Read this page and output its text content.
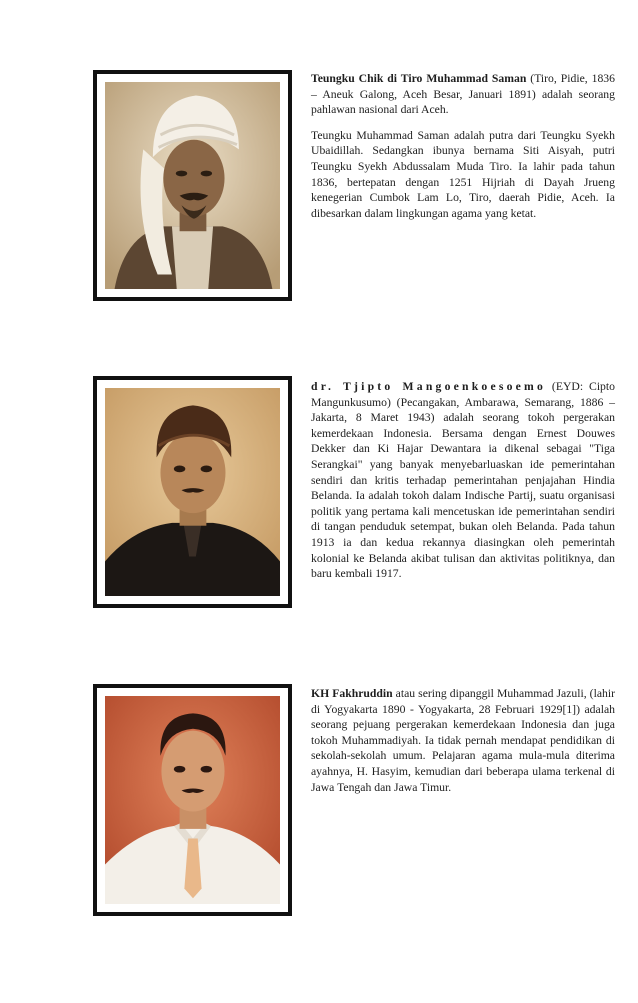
Teungku Chik di Tiro Muhammad Saman (Tiro, Pidie, 1836 – Aneuk Galong, Aceh Besar, Januari 1891) adalah seorang pahlawan nasional dari Aceh.

Teungku Muhammad Saman adalah putra dari Teungku Syekh Ubaidillah. Sedangkan ibunya bernama Siti Aisyah, putri Teungku Syekh Abdussalam Muda Tiro. Ia lahir pada tahun 1836, bertepatan dengan 1251 Hijriah di Dayah Jrueng kenegerian Cumbok Lam Lo, Tiro, daerah Pidie, Aceh. Ia dibesarkan dalam lingkungan agama yang ketat.

dr. Tjipto Mangoenkoesoemo (EYD: Cipto Mangunkusumo) (Pecangakan, Ambarawa, Semarang, 1886 – Jakarta, 8 Maret 1943) adalah seorang tokoh pergerakan kemerdekaan Indonesia. Bersama dengan Ernest Douwes Dekker dan Ki Hajar Dewantara ia dikenal sebagai "Tiga Serangkai" yang banyak menyebarluaskan ide pemerintahan sendiri dan kritis terhadap pemerintahan penjajahan Hindia Belanda. Ia adalah tokoh dalam Indische Partij, suatu organisasi politik yang pertama kali mencetuskan ide pemerintahan sendiri di tangan penduduk setempat, bukan oleh Belanda. Pada tahun 1913 ia dan kedua rekannya diasingkan oleh pemerintah kolonial ke Belanda akibat tulisan dan aktivitas politiknya, dan baru kembali 1917.

KH Fakhruddin atau sering dipanggil Muhammad Jazuli, (lahir di Yogyakarta 1890 - Yogyakarta, 28 Februari 1929[1]) adalah seorang pejuang pergerakan kemerdekaan Indonesia dan juga tokoh Muhammadiyah. Ia tidak pernah mendapat pendidikan di sekolah-sekolah umum. Pelajaran agama mula-mula diterima ayahnya, H. Hasyim, kemudian dari beberapa ulama terkenal di Jawa Tengah dan Jawa Timur.
